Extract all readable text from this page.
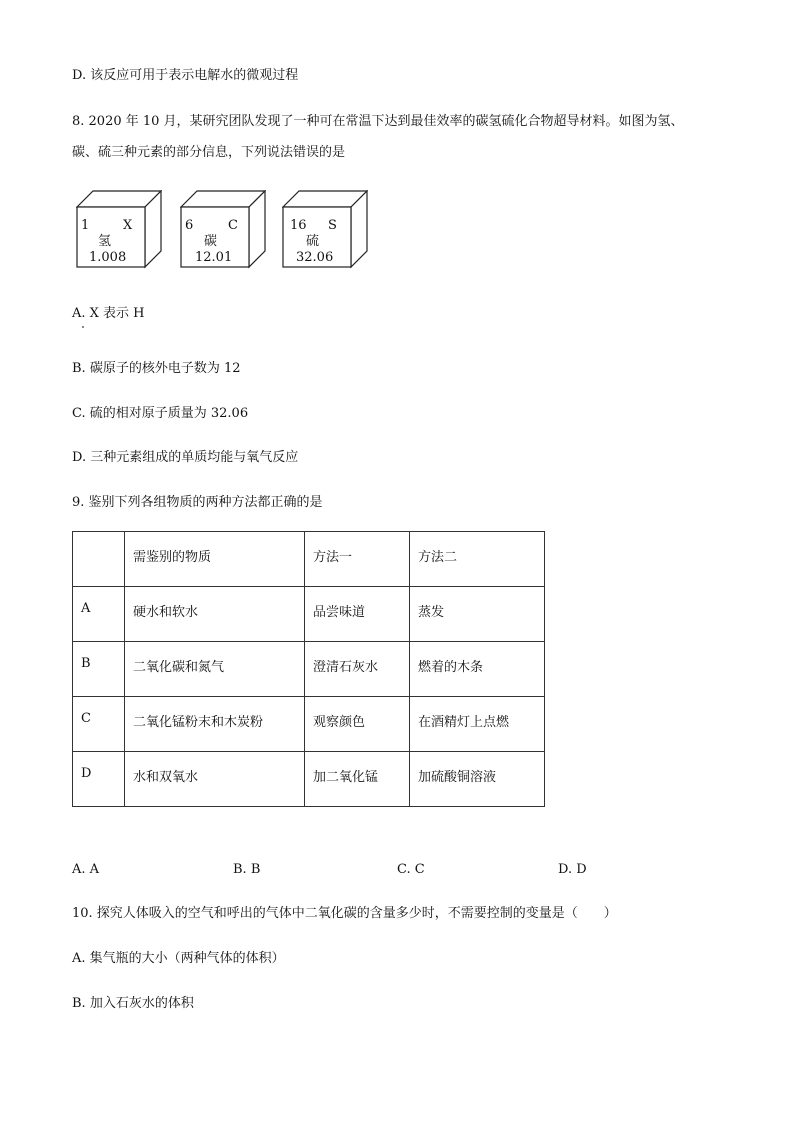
D. 该反应可用于表示电解水的微观过程
8. 2020 年 10 月，某研究团队发现了一种可在常温下达到最佳效率的碳氢硫化合物超导材料。如图为氢、
碳、硫三种元素的部分信息，下列说法错误的是
1	X
氢
1.008
6	C
碳
12.01
16 S
硫
32.06
A. X 表示 H
B. 碳原子的核外电子数为 12
C. 硫的相对原子质量为 32.06
D. 三种元素组成的单质均能与氧气反应
9. 鉴别下列各组物质的两种方法都正确的是
	需鉴别的物质	方法一	方法二
A	硬水和软水	品尝味道	蒸发
B	二氧化碳和氮气	澄清石灰水	燃着的木条
C	二氧化锰粉末和木炭粉	观察颜色	在酒精灯上点燃
D	水和双氧水	加二氧化锰	加硫酸铜溶液
A. A	B. B	C. C	D. D
10. 探究人体吸入的空气和呼出的气体中二氧化碳的含量多少时，不需要控制的变量是（　　）
A. 集气瓶的大小（两种气体的体积）
B. 加入石灰水的体积
